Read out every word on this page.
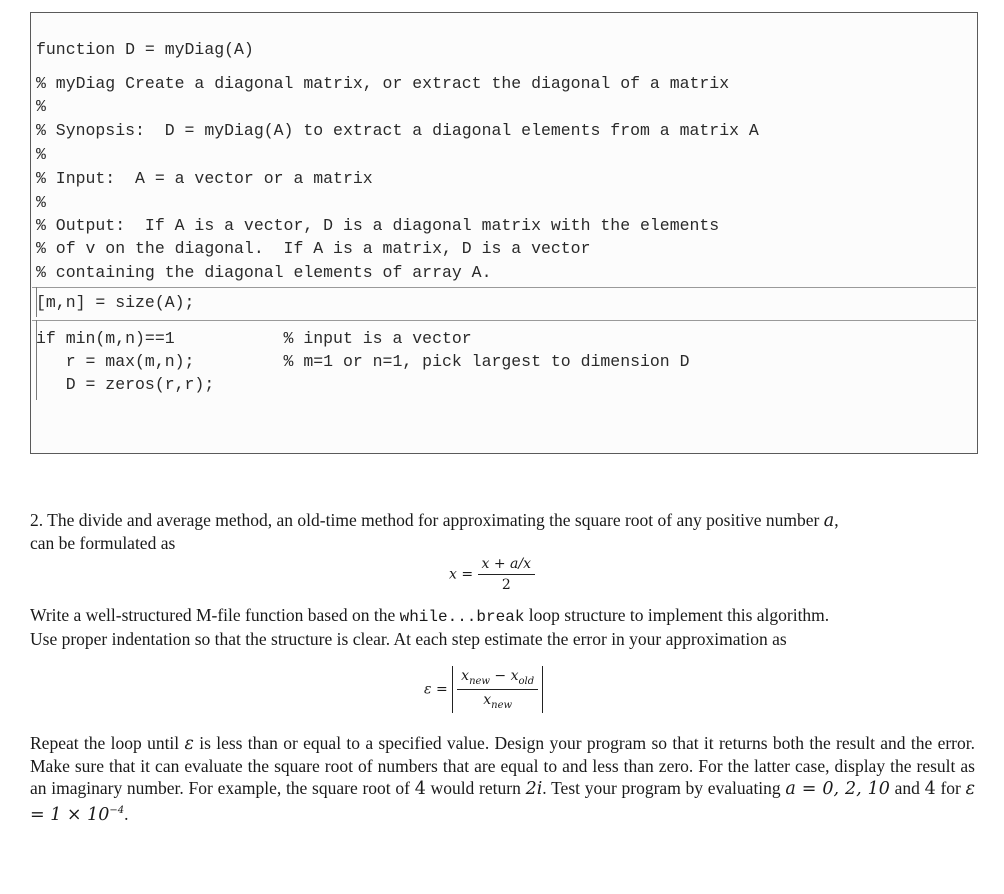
function D = myDiag(A)
% myDiag Create a diagonal matrix, or extract the diagonal of a matrix
%
% Synopsis:  D = myDiag(A) to extract a diagonal elements from a matrix A
%
% Input:  A = a vector or a matrix
%
% Output:  If A is a vector, D is a diagonal matrix with the elements
% of v on the diagonal.  If A is a matrix, D is a vector
% containing the diagonal elements of array A.
[m,n] = size(A);
if min(m,n)==1           % input is a vector
r = max(m,n);         % m=1 or n=1, pick largest to dimension D
D = zeros(r,r);
2. The divide and average method, an old-time method for approximating the square root of any positive number a,
can be formulated as
$x = \frac{x + a/x}{2}$
Write a well-structured M-file function based on the while...break loop structure to implement this algorithm.
Use proper indentation so that the structure is clear. At each step estimate the error in your approximation as
$\varepsilon = \frac{x_{new} - x_{old}}{x_{new}}$
Repeat the loop until ε is less than or equal to a specified value. Design your program so that it returns both the result and the error. Make sure that it can evaluate the square root of numbers that are equal to and less than zero. For the latter case, display the result as an imaginary number. For example, the square root of 4 would return 2i. Test your program by evaluating a = 0, 2, 10 and 4 for $\varepsilon = 1 \times 10^{-4}$.
